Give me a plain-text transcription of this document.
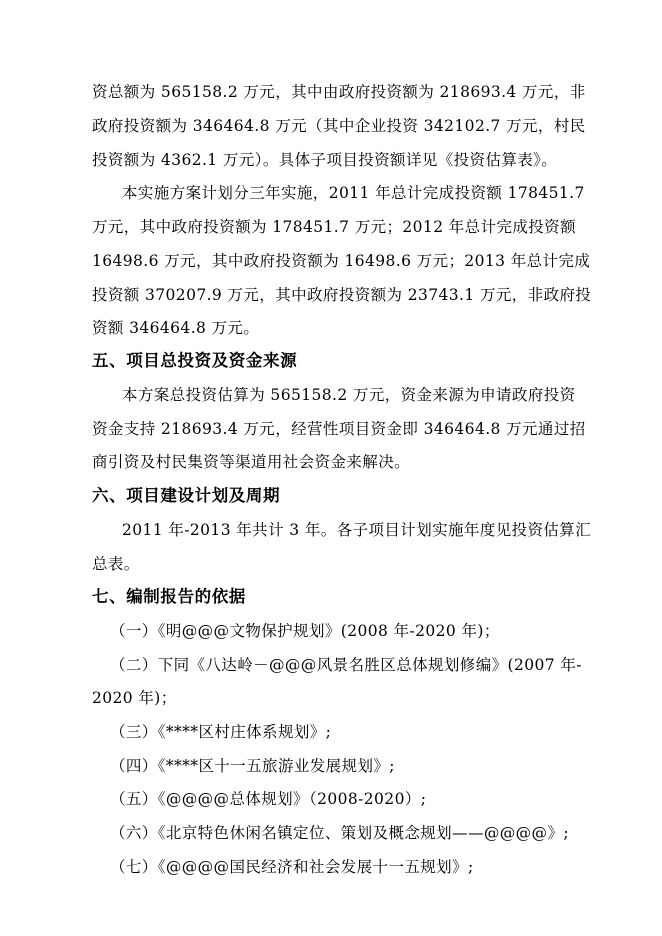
资总额为 565158.2 万元，其中由政府投资额为 218693.4 万元，非
政府投资额为 346464.8 万元（其中企业投资 342102.7 万元，村民
投资额为 4362.1 万元）。具体子项目投资额详见《投资估算表》。
本实施方案计划分三年实施，2011 年总计完成投资额 178451.7
万元，其中政府投资额为 178451.7 万元；2012 年总计完成投资额
16498.6 万元，其中政府投资额为 16498.6 万元；2013 年总计完成
投资额 370207.9 万元，其中政府投资额为 23743.1 万元，非政府投
资额 346464.8 万元。
五、项目总投资及资金来源
本方案总投资估算为 565158.2 万元，资金来源为申请政府投资
资金支持 218693.4 万元，经营性项目资金即 346464.8 万元通过招
商引资及村民集资等渠道用社会资金来解决。
六、项目建设计划及周期
2011 年-2013 年共计 3 年。各子项目计划实施年度见投资估算汇
总表。
七、编制报告的依据
（一）《明@@@文物保护规划》(2008 年-2020 年)；
（二）下同《八达岭－@@@风景名胜区总体规划修编》(2007 年-
2020 年)；
（三）《****区村庄体系规划》;
（四）《****区十一五旅游业发展规划》;
（五）《@@@@总体规划》（2008-2020）;
（六）《北京特色休闲名镇定位、策划及概念规划——@@@@》;
（七）《@@@@国民经济和社会发展十一五规划》;
